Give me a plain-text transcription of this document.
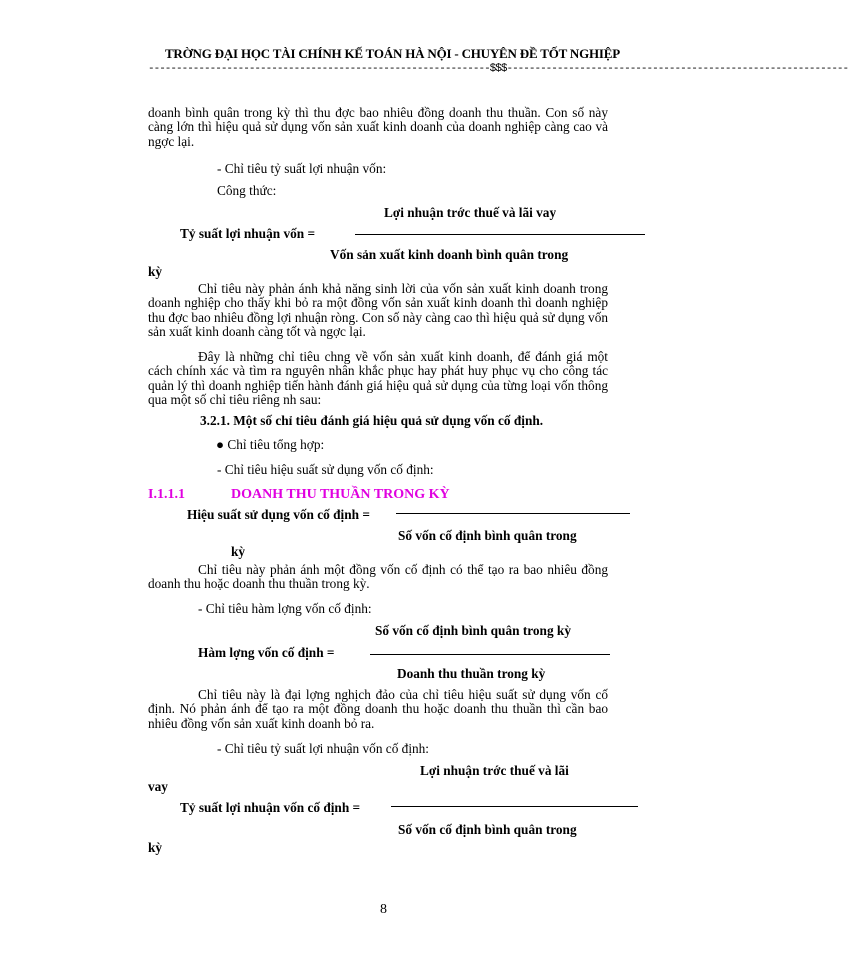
TRỜNG ĐẠI HỌC TÀI CHÍNH KẾ TOÁN HÀ NỘI - CHUYÊN ĐỀ TỐT NGHIỆP
-------------------------------------------------------------$$$-------------------------------------------------------------
doanh bình quân trong kỳ thì thu đợc bao nhiêu đồng doanh thu thuần. Con số này càng lớn thì hiệu quả sử dụng vốn sản xuất kinh doanh của doanh nghiệp càng cao và ngợc lại.
- Chỉ tiêu tỷ suất lợi nhuận vốn:
Công thức:
Lợi nhuận trớc thuế và lãi vay
Tỷ suất lợi nhuận vốn =
Vốn sản xuất kinh doanh bình quân trong
kỳ
Chỉ tiêu này phản ánh khả năng sinh lời của vốn sản xuất kinh doanh trong doanh nghiệp cho thấy khi bỏ ra một đồng vốn sản xuất kinh doanh thì doanh nghiệp thu đợc bao nhiêu đồng lợi nhuận ròng. Con số này càng cao thì hiệu quả sử dụng vốn sản xuất kinh doanh càng tốt và ngợc lại.
Đây là những chỉ tiêu chng về vốn sản xuất kinh doanh, để đánh giá một cách chính xác và tìm ra nguyên nhân khắc phục hay phát huy phục vụ cho công tác quản lý thì doanh nghiệp tiến hành đánh giá hiệu quả sử dụng của từng loại vốn thông qua một số chỉ tiêu riêng nh sau:
3.2.1. Một số chỉ tiêu đánh giá hiệu quả sử dụng vốn cố định.
● Chỉ tiêu tổng hợp:
- Chỉ tiêu hiệu suất sử dụng vốn cố định:
I.1.1.1	DOANH THU THUẦN TRONG KỲ
Hiệu suất sử dụng vốn cố định =
Số vốn cố định bình quân trong
kỳ
Chỉ tiêu này phản ánh một đồng vốn cố định có thể tạo ra bao nhiêu đồng doanh thu hoặc doanh thu thuần trong kỳ.
- Chỉ tiêu hàm lợng vốn cố định:
Số vốn cố định bình quân trong kỳ
Hàm lợng vốn cố định =
Doanh thu thuần trong kỳ
Chỉ tiêu này là đại lợng nghịch đảo của chỉ tiêu hiệu suất sử dụng vốn cố định. Nó phản ánh để tạo ra một đồng doanh thu hoặc doanh thu thuần thì cần bao nhiêu đồng vốn sản xuất kinh doanh bỏ ra.
- Chỉ tiêu tỷ suất lợi nhuận vốn cố định:
Lợi nhuận trớc thuế và lãi
vay
Tỷ suất lợi nhuận vốn cố định =
Số vốn cố định bình quân trong
kỳ
8
